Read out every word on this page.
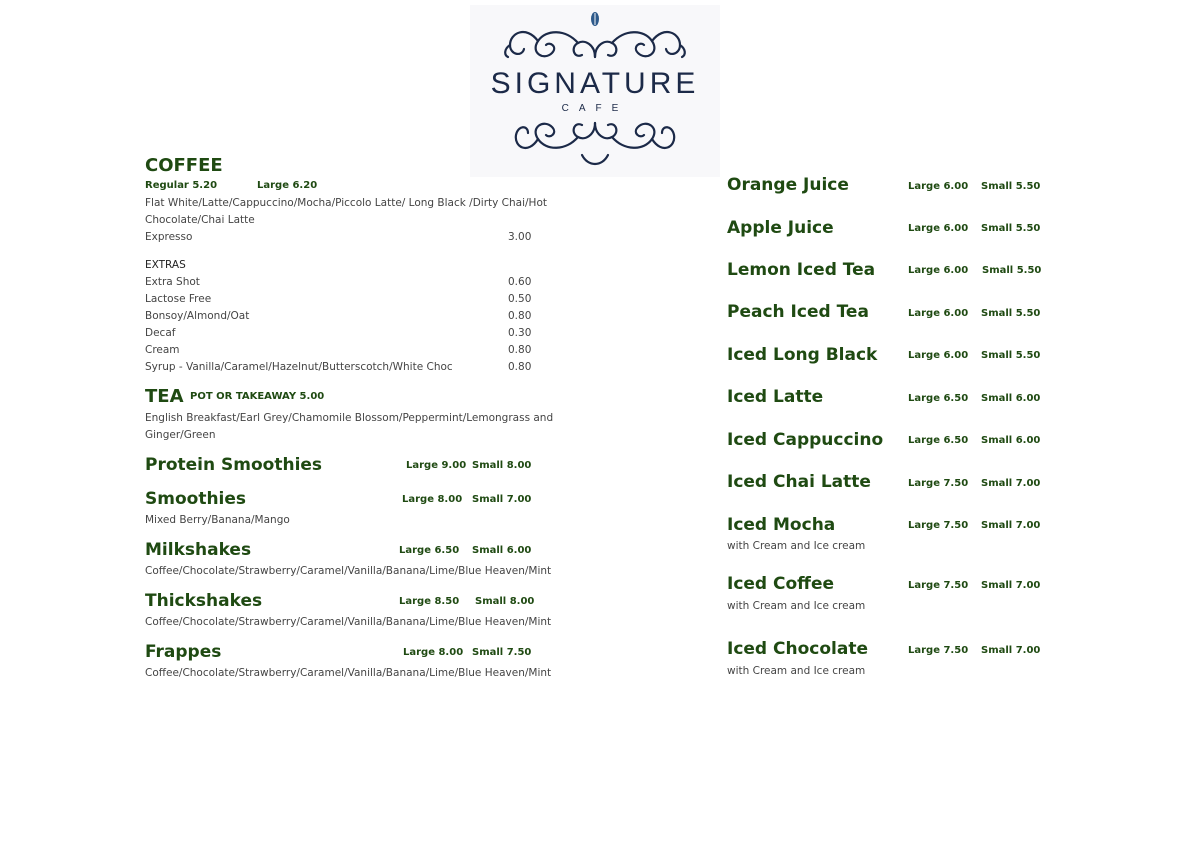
SIGNATURE
CAFE
COFFEE
Regular 5.20	Large 6.20
Flat White/Latte/Cappuccino/Mocha/Piccolo Latte/ Long Black /Dirty Chai/Hot
Chocolate/Chai Latte
Expresso	3.00
EXTRAS
Extra Shot	0.60
Lactose Free	0.50
Bonsoy/Almond/Oat	0.80
Decaf	0.30
Cream	0.80
Syrup - Vanilla/Caramel/Hazelnut/Butterscotch/White Choc	0.80
TEA POT OR TAKEAWAY 5.00
English Breakfast/Earl Grey/Chamomile Blossom/Peppermint/Lemongrass and
Ginger/Green
Protein Smoothies	Large 9.00 Small 8.00
Smoothies	Large 8.00 Small 7.00
Mixed Berry/Banana/Mango
Milkshakes	Large 6.50 Small 6.00
Coffee/Chocolate/Strawberry/Caramel/Vanilla/Banana/Lime/Blue Heaven/Mint
Thickshakes	Large 8.50 Small 8.00
Coffee/Chocolate/Strawberry/Caramel/Vanilla/Banana/Lime/Blue Heaven/Mint
Frappes	Large 8.00 Small 7.50
Coffee/Chocolate/Strawberry/Caramel/Vanilla/Banana/Lime/Blue Heaven/Mint
Orange Juice	Large 6.00 Small 5.50
Apple Juice	Large 6.00 Small 5.50
Lemon Iced Tea	Large 6.00 Small 5.50
Peach Iced Tea	Large 6.00 Small 5.50
Iced Long Black	Large 6.00 Small 5.50
Iced Latte	Large 6.50 Small 6.00
Iced Cappuccino Large 6.50 Small 6.00
Iced Chai Latte	Large 7.50 Small 7.00
Iced Mocha	Large 7.50 Small 7.00
with Cream and Ice cream
Iced Coffee	Large 7.50 Small 7.00
with Cream and Ice cream
Iced Chocolate	Large 7.50 Small 7.00
with Cream and Ice cream
